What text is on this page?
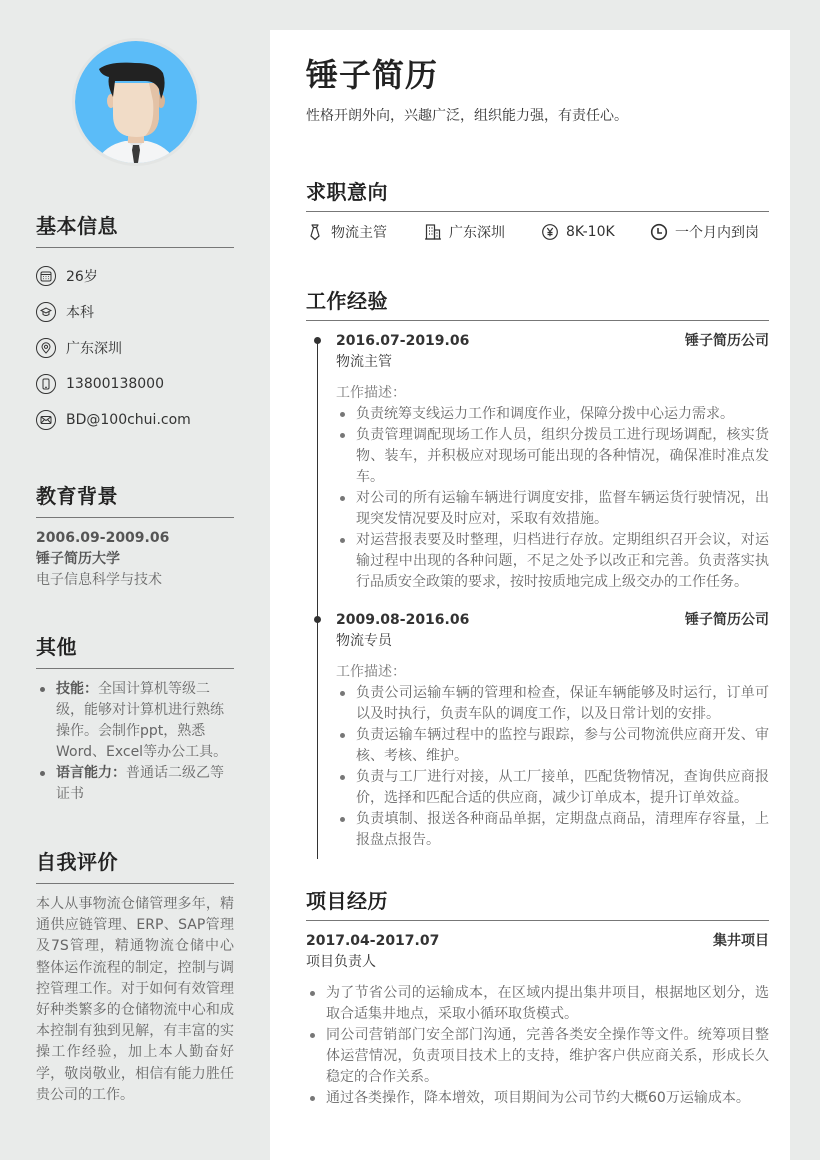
基本信息
26岁
本科
广东深圳
13800138000
BD@100chui.com
教育背景
2006.09-2009.06
锤子简历大学
电子信息科学与技术
其他
技能：全国计算机等级二级，能够对计算机进行熟练操作。会制作ppt，熟悉Word、Excel等办公工具。
语言能力：普通话二级乙等证书
自我评价

本人从事物流仓储管理多年，精通供应链管理、ERP、SAP管理及7S管理，精通物流仓储中心整体运作流程的制定，控制与调控管理工作。对于如何有效管理好种类繁多的仓储物流中心和成本控制有独到见解，有丰富的实操工作经验，加上本人勤奋好学，敬岗敬业，相信有能力胜任贵公司的工作。

锤子简历

性格开朗外向，兴趣广泛，组织能力强，有责任心。

求职意向
物流主管	广东深圳	8K-10K	一个月内到岗
工作经验
2016.07-2019.06	锤子简历公司
物流主管
工作描述：
负责统筹支线运力工作和调度作业，保障分拨中心运力需求。
负责管理调配现场工作人员，组织分拨员工进行现场调配，核实货物、装车，并积极应对现场可能出现的各种情况，确保准时准点发车。
对公司的所有运输车辆进行调度安排，监督车辆运货行驶情况，出现突发情况要及时应对，采取有效措施。
对运营报表要及时整理，归档进行存放。定期组织召开会议，对运输过程中出现的各种问题，不足之处予以改正和完善。负责落实执行品质安全政策的要求，按时按质地完成上级交办的工作任务。
2009.08-2016.06	锤子简历公司
物流专员
工作描述：
负责公司运输车辆的管理和检查，保证车辆能够及时运行，订单可以及时执行，负责车队的调度工作，以及日常计划的安排。
负责运输车辆过程中的监控与跟踪，参与公司物流供应商开发、审核、考核、维护。
负责与工厂进行对接，从工厂接单，匹配货物情况，查询供应商报价，选择和匹配合适的供应商，减少订单成本，提升订单效益。
负责填制、报送各种商品单据，定期盘点商品，清理库存容量，上报盘点报告。
项目经历
2017.04-2017.07	集井项目
项目负责人
为了节省公司的运输成本，在区域内提出集井项目，根据地区划分，选取合适集井地点，采取小循环取货模式。
同公司营销部门安全部门沟通，完善各类安全操作等文件。统筹项目整体运营情况，负责项目技术上的支持，维护客户供应商关系，形成长久稳定的合作关系。
通过各类操作，降本增效，项目期间为公司节约大概60万运输成本。
